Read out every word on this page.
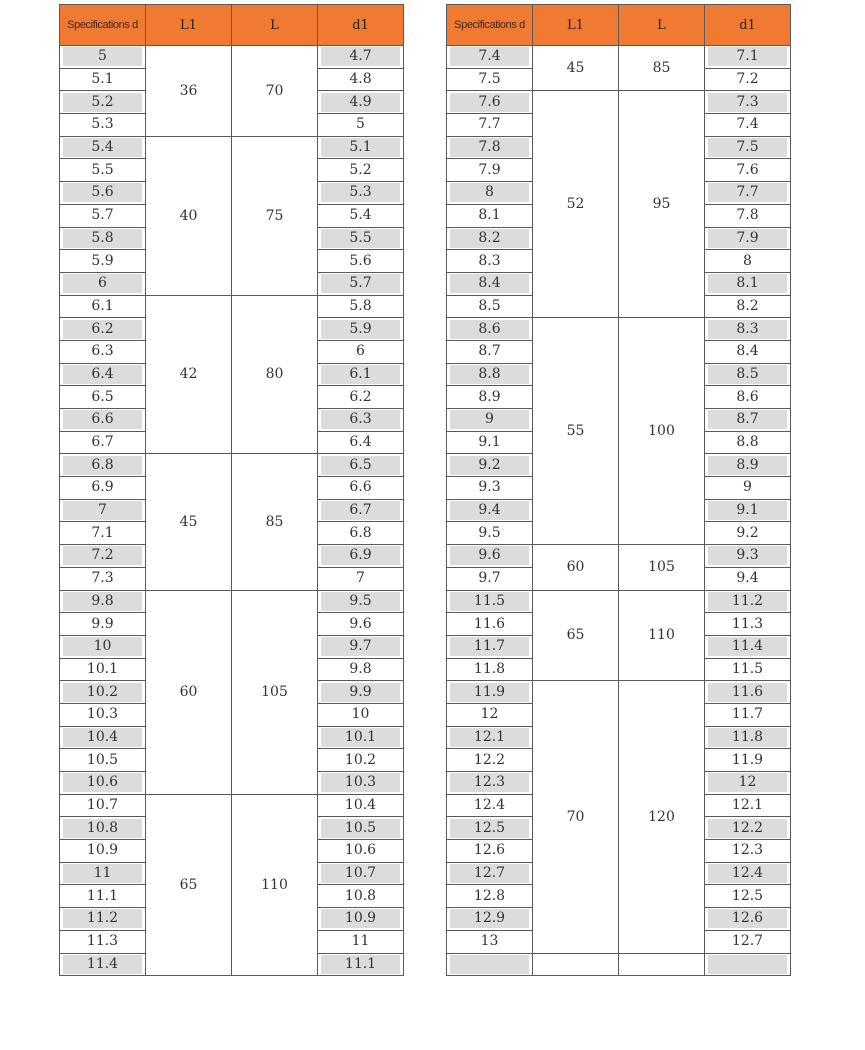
Specifications d	L1	L	d1

5	36	70	4.7

5.1			4.8

5.2			4.9

5.3			5

5.4	40	75	5.1

5.5			5.2

5.6			5.3

5.7			5.4

5.8			5.5

5.9			5.6

6			5.7

6.1	42	80	5.8

6.2			5.9

6.3			6

6.4			6.1

6.5			6.2

6.6			6.3

6.7			6.4

6.8	45	85	6.5

6.9			6.6

7			6.7

7.1			6.8

7.2			6.9

7.3			7

9.8	60	105	9.5

9.9			9.6

10			9.7

10.1			9.8

10.2			9.9

10.3			10

10.4			10.1

10.5			10.2

10.6			10.3

10.7	65	110	10.4

10.8			10.5

10.9			10.6

11			10.7

11.1			10.8

11.2			10.9

11.3			11

11.4			11.1
Specifications d	L1	L	d1

7.4	45	85	7.1

7.5			7.2

7.6	52	95	7.3

7.7			7.4

7.8			7.5

7.9			7.6

8			7.7

8.1			7.8

8.2			7.9

8.3			8

8.4			8.1

8.5			8.2

8.6	55	100	8.3

8.7			8.4

8.8			8.5

8.9			8.6

9			8.7

9.1			8.8

9.2			8.9

9.3			9

9.4			9.1

9.5			9.2

9.6	60	105	9.3

9.7			9.4

11.5	65	110	11.2

11.6			11.3

11.7			11.4

11.8			11.5

11.9	70	120	11.6

12			11.7

12.1			11.8

12.2			11.9

12.3			12

12.4			12.1

12.5			12.2

12.6			12.3

12.7			12.4

12.8			12.5

12.9			12.6

13			12.7
